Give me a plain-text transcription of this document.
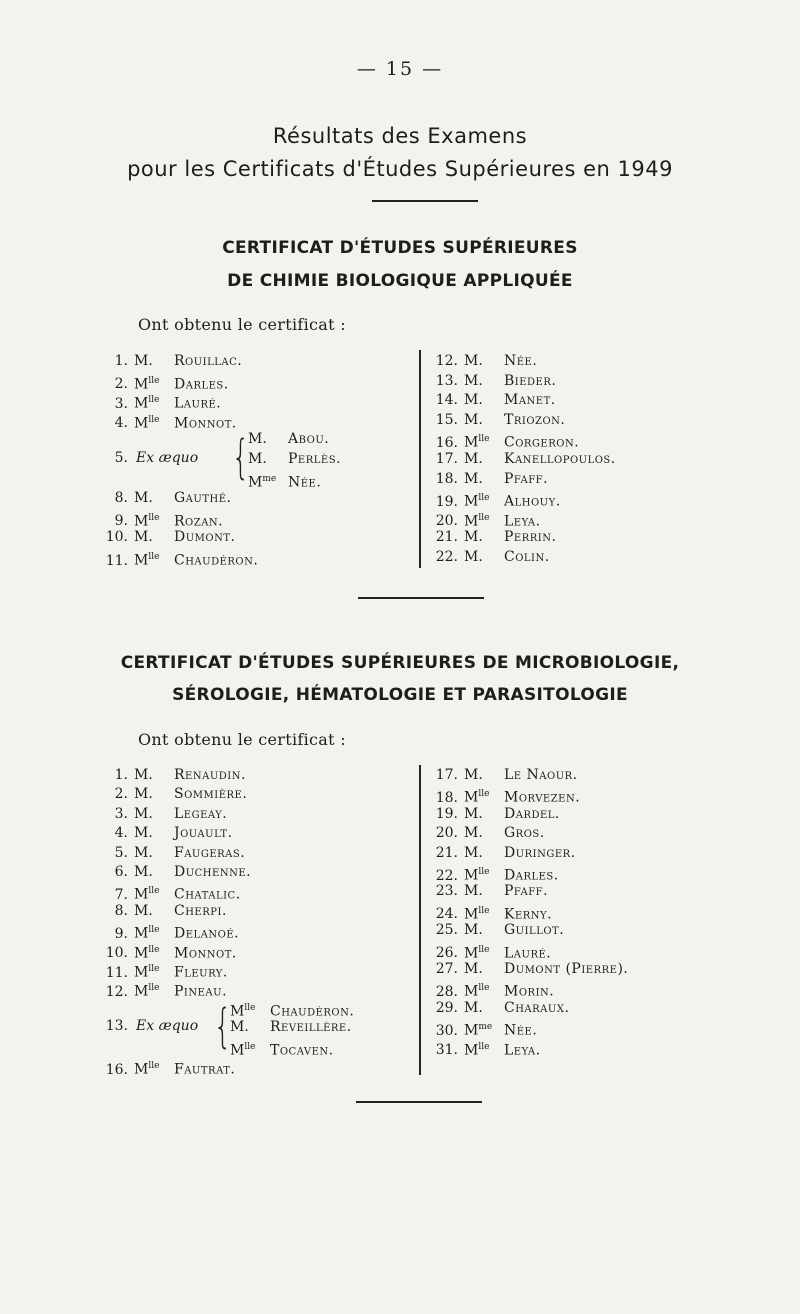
— 15 —
Résultats des Examens
pour les Certificats d'Études Supérieures en 1949
CERTIFICAT D'ÉTUDES SUPÉRIEURES
DE CHIMIE BIOLOGIQUE APPLIQUÉE
Ont obtenu le certificat :
CERTIFICAT D'ÉTUDES SUPÉRIEURES DE MICROBIOLOGIE,
SÉROLOGIE, HÉMATOLOGIE ET PARASITOLOGIE
Ont obtenu le certificat :
1. M. Rouillac.
2. $M^{lle}$ Darles.
3. $M^{lle}$ Lauré.
4. $M^{lle}$ Monnot.
5. Ex æquo {
M. Abou.
M. Perlès.
$M^{me}$ Née.
8. M. Gauthé.
9. $M^{lle}$ Rozan.
10. M. Dumont.
11. $M^{lle}$ Chaudéron.
12. M. Née.
13. M. Bieder.
14. M. Manet.
15. M. Triozon.
16. $M^{lle}$ Corgeron.
17. M. Kanellopoulos.
18. M. Pfaff.
19. $M^{lle}$ Alhouy.
20. $M^{lle}$ Leya.
21. M. Perrin.
22. M. Colin.
1. M. Renaudin.
2. M. Sommière.
3. M. Legeay.
4. M. Jouault.
5. M. Faugeras.
6. M. Duchenne.
7. $M^{lle}$ Chatalic.
8. M. Cherpi.
9. $M^{lle}$ Delanoé.
10. $M^{lle}$ Monnot.
11. $M^{lle}$ Fleury.
12. $M^{lle}$ Pineau.
13. Ex æquo {
$M^{lle}$ Chaudéron.
M. Reveillère.
$M^{lle}$ Tocaven.
16. $M^{lle}$ Fautrat.
17. M. Le Naour.
18. $M^{lle}$ Morvezen.
19. M. Dardel.
20. M. Gros.
21. M. Duringer.
22. $M^{lle}$ Darles.
23. M. Pfaff.
24. $M^{lle}$ Kerny.
25. M. Guillot.
26. $M^{lle}$ Lauré.
27. M. Dumont (Pierre).
28. $M^{lle}$ Morin.
29. M. Charaux.
30. $M^{me}$ Née.
31. $M^{lle}$ Leya.
